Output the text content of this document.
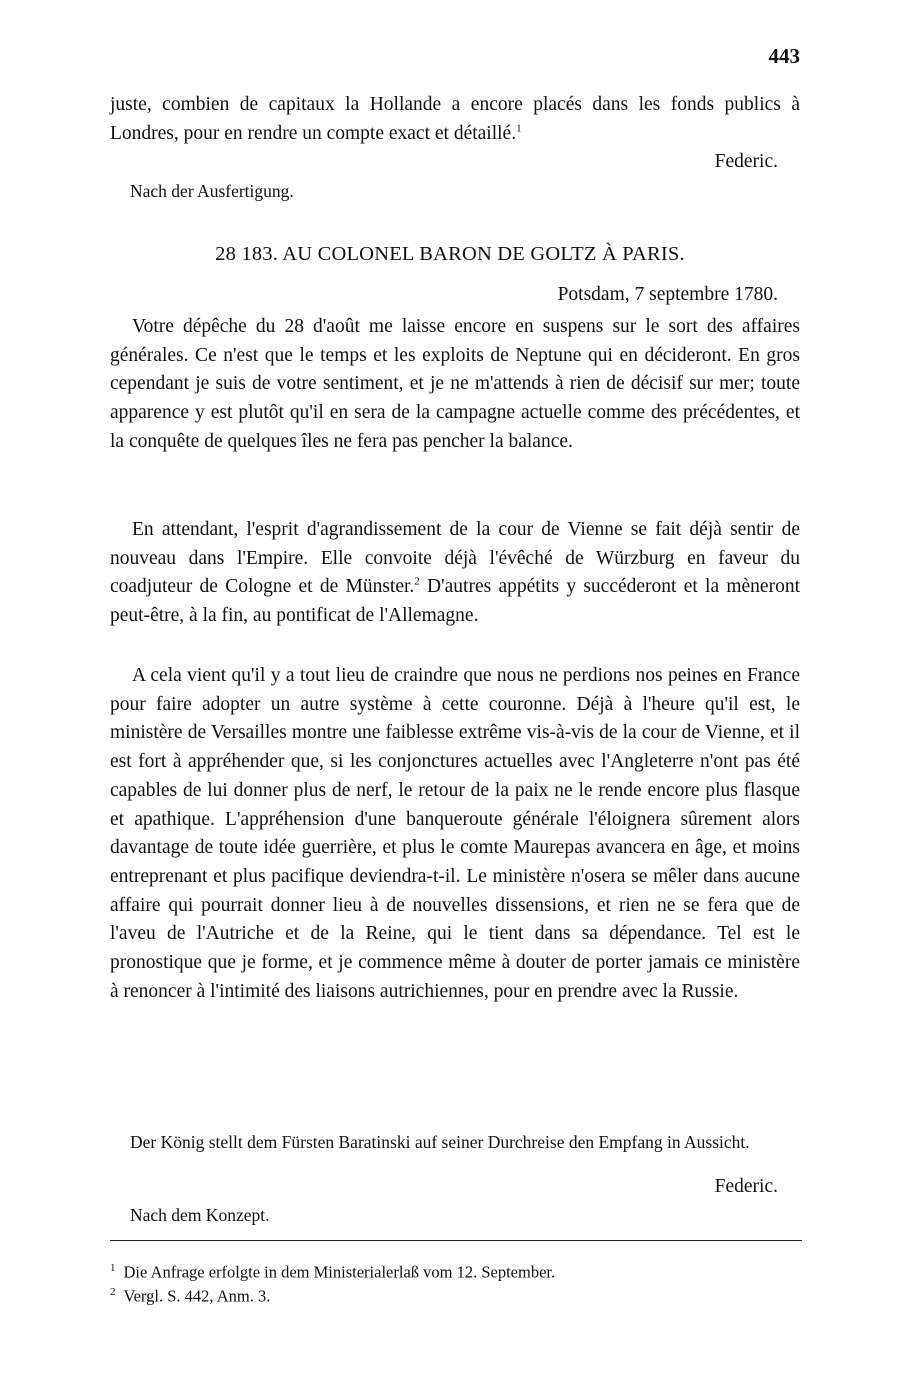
443
juste, combien de capitaux la Hollande a encore placés dans les fonds publics à Londres, pour en rendre un compte exact et détaillé.$^1$
Federic.
Nach der Ausfertigung.
28 183. AU COLONEL BARON DE GOLTZ À PARIS.
Potsdam, 7 septembre 1780.
Votre dépêche du 28 d'août me laisse encore en suspens sur le sort des affaires générales. Ce n'est que le temps et les exploits de Neptune qui en décideront. En gros cependant je suis de votre sentiment, et je ne m'attends à rien de décisif sur mer; toute apparence y est plutôt qu'il en sera de la campagne actuelle comme des précédentes, et la conquête de quelques îles ne fera pas pencher la balance.
En attendant, l'esprit d'agrandissement de la cour de Vienne se fait déjà sentir de nouveau dans l'Empire. Elle convoite déjà l'évêché de Würzburg en faveur du coadjuteur de Cologne et de Münster.$^2$ D'autres appétits y succéderont et la mèneront peut-être, à la fin, au pontificat de l'Allemagne.
A cela vient qu'il y a tout lieu de craindre que nous ne perdions nos peines en France pour faire adopter un autre système à cette couronne. Déjà à l'heure qu'il est, le ministère de Versailles montre une faiblesse extrême vis-à-vis de la cour de Vienne, et il est fort à appréhender que, si les conjonctures actuelles avec l'Angleterre n'ont pas été capables de lui donner plus de nerf, le retour de la paix ne le rende encore plus flasque et apathique. L'appréhension d'une banqueroute générale l'éloignera sûrement alors davantage de toute idée guerrière, et plus le comte Maurepas avancera en âge, et moins entreprenant et plus pacifique deviendra-t-il. Le ministère n'osera se mêler dans aucune affaire qui pourrait donner lieu à de nouvelles dissensions, et rien ne se fera que de l'aveu de l'Autriche et de la Reine, qui le tient dans sa dépendance. Tel est le pronostique que je forme, et je commence même à douter de porter jamais ce ministère à renoncer à l'intimité des liaisons autrichiennes, pour en prendre avec la Russie.
Der König stellt dem Fürsten Baratinski auf seiner Durchreise den Empfang in Aussicht.
Federic.
Nach dem Konzept.
$^1$ Die Anfrage erfolgte in dem Ministerialerlaß vom 12. September.
$^2$ Vergl. S. 442, Anm. 3.
